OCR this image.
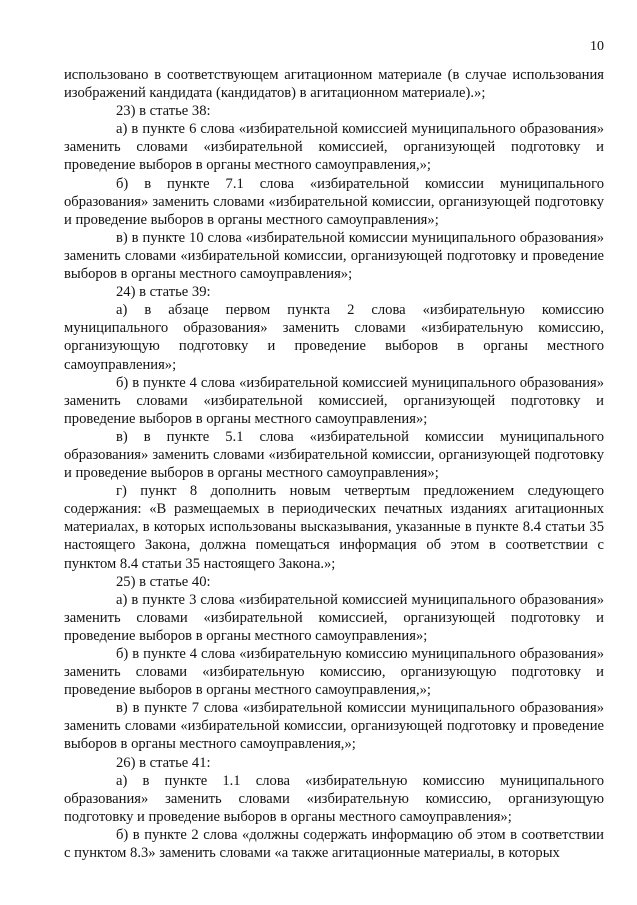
10

использовано в соответствующем агитационном материале (в случае использования изображений кандидата (кандидатов) в агитационном материале).»;

23) в статье 38:

а) в пункте 6 слова «избирательной комиссией муниципального образования» заменить словами «избирательной комиссией, организующей подготовку и проведение выборов в органы местного самоуправления,»;

б) в пункте 7.1 слова «избирательной комиссии муниципального образования» заменить словами «избирательной комиссии, организующей подготовку и проведение выборов в органы местного самоуправления»;

в) в пункте 10 слова «избирательной комиссии муниципального образования» заменить словами «избирательной комиссии, организующей подготовку и проведение выборов в органы местного самоуправления»;

24) в статье 39:

а) в абзаце первом пункта 2 слова «избирательную комиссию муниципального образования» заменить словами «избирательную комиссию, организующую подготовку и проведение выборов в органы местного самоуправления»;

б) в пункте 4 слова «избирательной комиссией муниципального образования» заменить словами «избирательной комиссией, организующей подготовку и проведение выборов в органы местного самоуправления»;

в) в пункте 5.1 слова «избирательной комиссии муниципального образования» заменить словами «избирательной комиссии, организующей подготовку и проведение выборов в органы местного самоуправления»;

г) пункт 8 дополнить новым четвертым предложением следующего содержания: «В размещаемых в периодических печатных изданиях агитационных материалах, в которых использованы высказывания, указанные в пункте 8.4 статьи 35 настоящего Закона, должна помещаться информация об этом в соответствии с пунктом 8.4 статьи 35 настоящего Закона.»;

25) в статье 40:

а) в пункте 3 слова «избирательной комиссией муниципального образования» заменить словами «избирательной комиссией, организующей подготовку и проведение выборов в органы местного самоуправления»;

б) в пункте 4 слова «избирательную комиссию муниципального образования» заменить словами «избирательную комиссию, организующую подготовку и проведение выборов в органы местного самоуправления,»;

в) в пункте 7 слова «избирательной комиссии муниципального образования» заменить словами «избирательной комиссии, организующей подготовку и проведение выборов в органы местного самоуправления,»;

26) в статье 41:

а) в пункте 1.1 слова «избирательную комиссию муниципального образования» заменить словами «избирательную комиссию, организующую подготовку и проведение выборов в органы местного самоуправления»;

б) в пункте 2 слова «должны содержать информацию об этом в соответствии с пунктом 8.3» заменить словами «а также агитационные материалы, в которых
